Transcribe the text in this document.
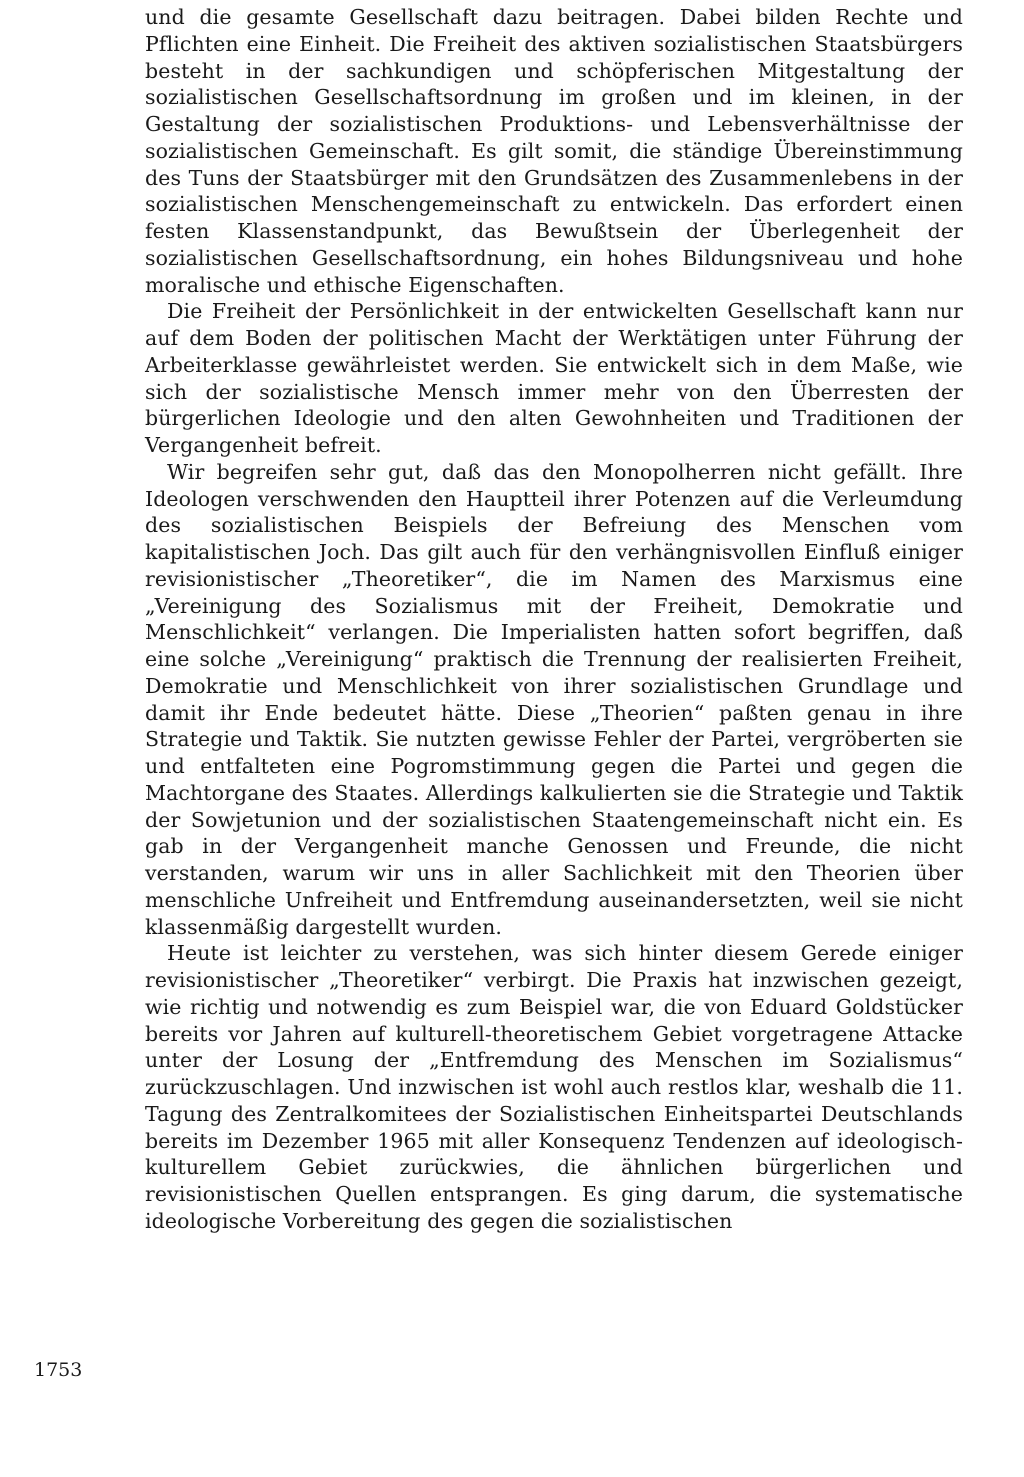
und die gesamte Gesellschaft dazu beitragen. Dabei bilden Rechte und Pflichten eine Einheit. Die Freiheit des aktiven sozialistischen Staatsbürgers besteht in der sachkundigen und schöpferischen Mitgestaltung der sozialistischen Gesellschaftsordnung im großen und im kleinen, in der Gestaltung der sozialistischen Produktions- und Lebensverhältnisse der sozialistischen Gemeinschaft. Es gilt somit, die ständige Übereinstimmung des Tuns der Staatsbürger mit den Grundsätzen des Zusammenlebens in der sozialistischen Menschengemeinschaft zu entwickeln. Das erfordert einen festen Klassenstandpunkt, das Bewußtsein der Überlegenheit der sozialistischen Gesellschaftsordnung, ein hohes Bildungsniveau und hohe moralische und ethische Eigenschaften.

Die Freiheit der Persönlichkeit in der entwickelten Gesellschaft kann nur auf dem Boden der politischen Macht der Werktätigen unter Führung der Arbeiterklasse gewährleistet werden. Sie entwickelt sich in dem Maße, wie sich der sozialistische Mensch immer mehr von den Überresten der bürgerlichen Ideologie und den alten Gewohnheiten und Traditionen der Vergangenheit befreit.

Wir begreifen sehr gut, daß das den Monopolherren nicht gefällt. Ihre Ideologen verschwenden den Hauptteil ihrer Potenzen auf die Verleumdung des sozialistischen Beispiels der Befreiung des Menschen vom kapitalistischen Joch. Das gilt auch für den verhängnisvollen Einfluß einiger revisionistischer „Theoretiker“, die im Namen des Marxismus eine „Vereinigung des Sozialismus mit der Freiheit, Demokratie und Menschlichkeit“ verlangen. Die Imperialisten hatten sofort begriffen, daß eine solche „Vereinigung“ praktisch die Trennung der realisierten Freiheit, Demokratie und Menschlichkeit von ihrer sozialistischen Grundlage und damit ihr Ende bedeutet hätte. Diese „Theorien“ paßten genau in ihre Strategie und Taktik. Sie nutzten gewisse Fehler der Partei, vergröberten sie und entfalteten eine Pogromstimmung gegen die Partei und gegen die Machtorgane des Staates. Allerdings kalkulierten sie die Strategie und Taktik der Sowjetunion und der sozialistischen Staatengemeinschaft nicht ein. Es gab in der Vergangenheit manche Genossen und Freunde, die nicht verstanden, warum wir uns in aller Sachlichkeit mit den Theorien über menschliche Unfreiheit und Entfremdung auseinandersetzten, weil sie nicht klassenmäßig dargestellt wurden.

Heute ist leichter zu verstehen, was sich hinter diesem Gerede einiger revisionistischer „Theoretiker“ verbirgt. Die Praxis hat inzwischen gezeigt, wie richtig und notwendig es zum Beispiel war, die von Eduard Goldstücker bereits vor Jahren auf kulturell-theoretischem Gebiet vorgetragene Attacke unter der Losung der „Entfremdung des Menschen im Sozialismus“ zurückzuschlagen. Und inzwischen ist wohl auch restlos klar, weshalb die 11. Tagung des Zentralkomitees der Sozialistischen Einheitspartei Deutschlands bereits im Dezember 1965 mit aller Konsequenz Tendenzen auf ideologisch-kulturellem Gebiet zurückwies, die ähnlichen bürgerlichen und revisionistischen Quellen entsprangen. Es ging darum, die systematische ideologische Vorbereitung des gegen die sozialistischen

1753
